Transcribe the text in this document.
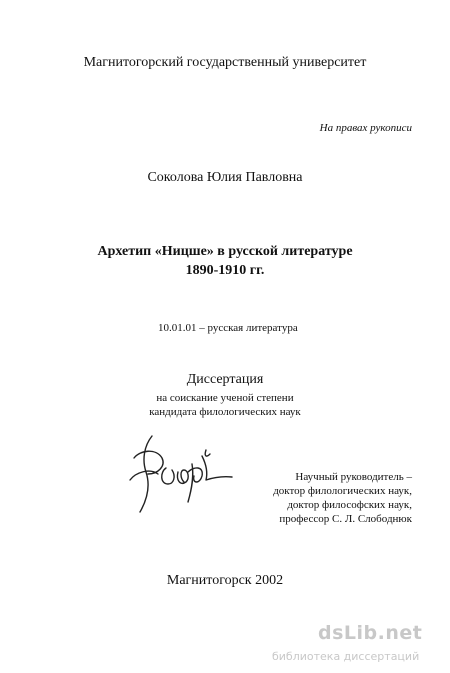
Магнитогорский государственный университет
На правах рукописи
Соколова Юлия Павловна
Архетип «Ницше» в русской литературе
1890-1910 гг.
10.01.01 – русская литература
Диссертация
на соискание ученой степени
кандидата филологических наук
Научный руководитель –
доктор филологических наук,
доктор философских наук,
профессор С. Л. Слободнюк
Магнитогорск 2002
dsLib.net
библиотека диссертаций
